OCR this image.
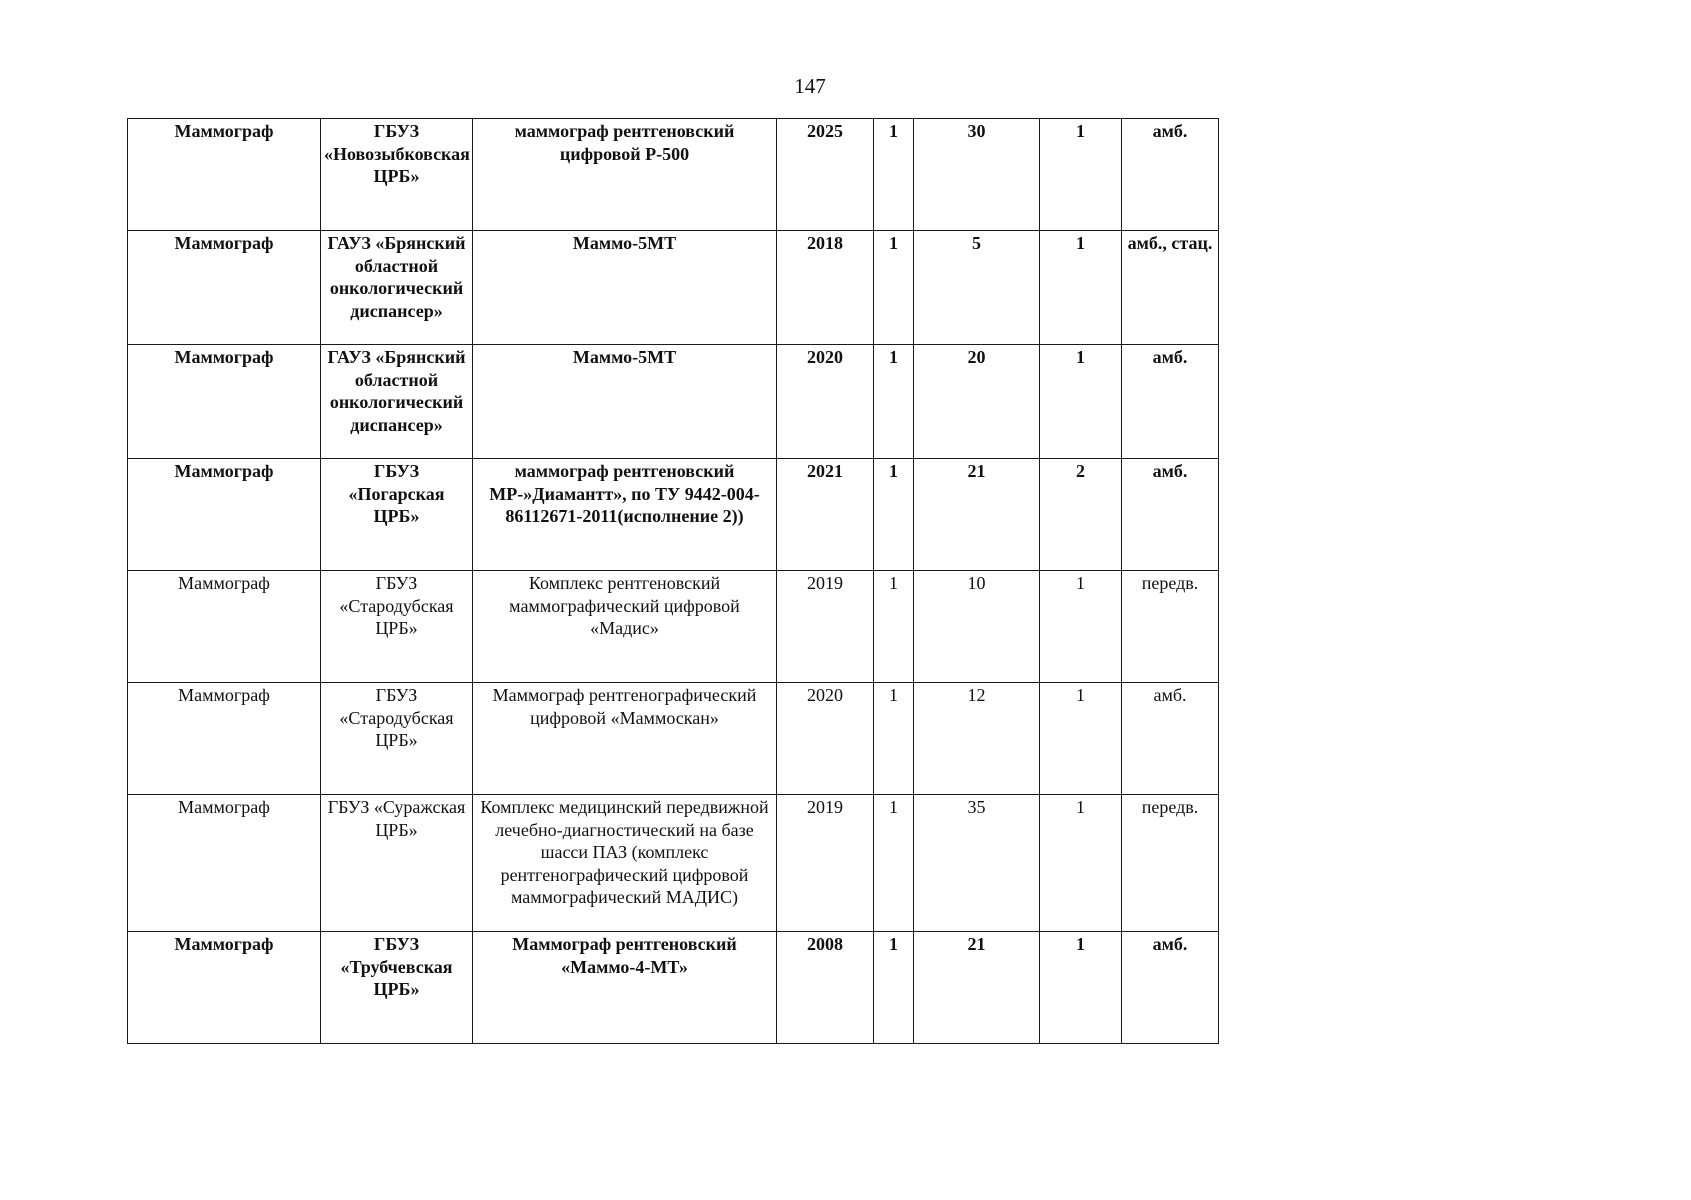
147
Маммограф	ГБУЗ «Новозыбковская ЦРБ»	маммограф рентгеновский цифровой Р-500	2025	1	30	1	амб.
Маммограф	ГАУЗ «Брянский областной онкологический диспансер»	Маммо-5МТ	2018	1	5	1	амб., стац.
Маммограф	ГАУЗ «Брянский областной онкологический диспансер»	Маммо-5МТ	2020	1	20	1	амб.
Маммограф	ГБУЗ «Погарская ЦРБ»	маммограф рентгеновский МР-»Диамантт», по ТУ 9442-004-86112671-2011(исполнение 2))	2021	1	21	2	амб.
Маммограф	ГБУЗ «Стародубская ЦРБ»	Комплекс рентгеновский маммографический цифровой «Мадис»	2019	1	10	1	передв.
Маммограф	ГБУЗ «Стародубская ЦРБ»	Маммограф рентгенографический цифровой «Маммоскан»	2020	1	12	1	амб.
Маммограф	ГБУЗ «Суражская ЦРБ»	Комплекс медицинский передвижной лечебно-диагностический на базе шасси ПАЗ (комплекс рентгенографический цифровой маммографический МАДИС)	2019	1	35	1	передв.
Маммограф	ГБУЗ «Трубчевская ЦРБ»	Маммограф рентгеновский «Маммо-4-МТ»	2008	1	21	1	амб.
